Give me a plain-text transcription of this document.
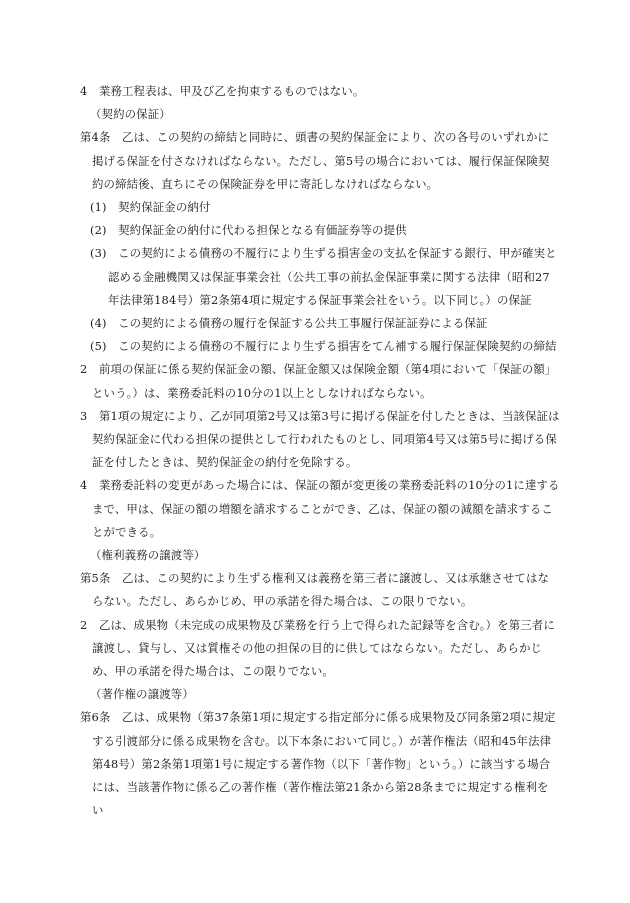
4　業務工程表は、甲及び乙を拘束するものではない。

（契約の保証）

第4条　乙は、この契約の締結と同時に、頭書の契約保証金により、次の各号のいずれかに掲げる保証を付さなければならない。ただし、第5号の場合においては、履行保証保険契約の締結後、直ちにその保険証券を甲に寄託しなければならない。

(1)　契約保証金の納付

(2)　契約保証金の納付に代わる担保となる有価証券等の提供

(3)　この契約による債務の不履行により生ずる損害金の支払を保証する銀行、甲が確実と認める金融機関又は保証事業会社（公共工事の前払金保証事業に関する法律（昭和27年法律第184号）第2条第4項に規定する保証事業会社をいう。以下同じ。）の保証

(4)　この契約による債務の履行を保証する公共工事履行保証証券による保証

(5)　この契約による債務の不履行により生ずる損害をてん補する履行保証保険契約の締結

2　前項の保証に係る契約保証金の額、保証金額又は保険金額（第4項において「保証の額」という。）は、業務委託料の10分の1以上としなければならない。

3　第1項の規定により、乙が同項第2号又は第3号に掲げる保証を付したときは、当該保証は契約保証金に代わる担保の提供として行われたものとし、同項第4号又は第5号に掲げる保証を付したときは、契約保証金の納付を免除する。

4　業務委託料の変更があった場合には、保証の額が変更後の業務委託料の10分の1に達するまで、甲は、保証の額の増額を請求することができ、乙は、保証の額の減額を請求することができる。

（権利義務の譲渡等）

第5条　乙は、この契約により生ずる権利又は義務を第三者に譲渡し、又は承継させてはならない。ただし、あらかじめ、甲の承諾を得た場合は、この限りでない。

2　乙は、成果物（未完成の成果物及び業務を行う上で得られた記録等を含む。）を第三者に譲渡し、貸与し、又は質権その他の担保の目的に供してはならない。ただし、あらかじめ、甲の承諾を得た場合は、この限りでない。

（著作権の譲渡等）

第6条　乙は、成果物（第37条第1項に規定する指定部分に係る成果物及び同条第2項に規定する引渡部分に係る成果物を含む。以下本条において同じ。）が著作権法（昭和45年法律第48号）第2条第1項第1号に規定する著作物（以下「著作物」という。）に該当する場合には、当該著作物に係る乙の著作権（著作権法第21条から第28条までに規定する権利をい
